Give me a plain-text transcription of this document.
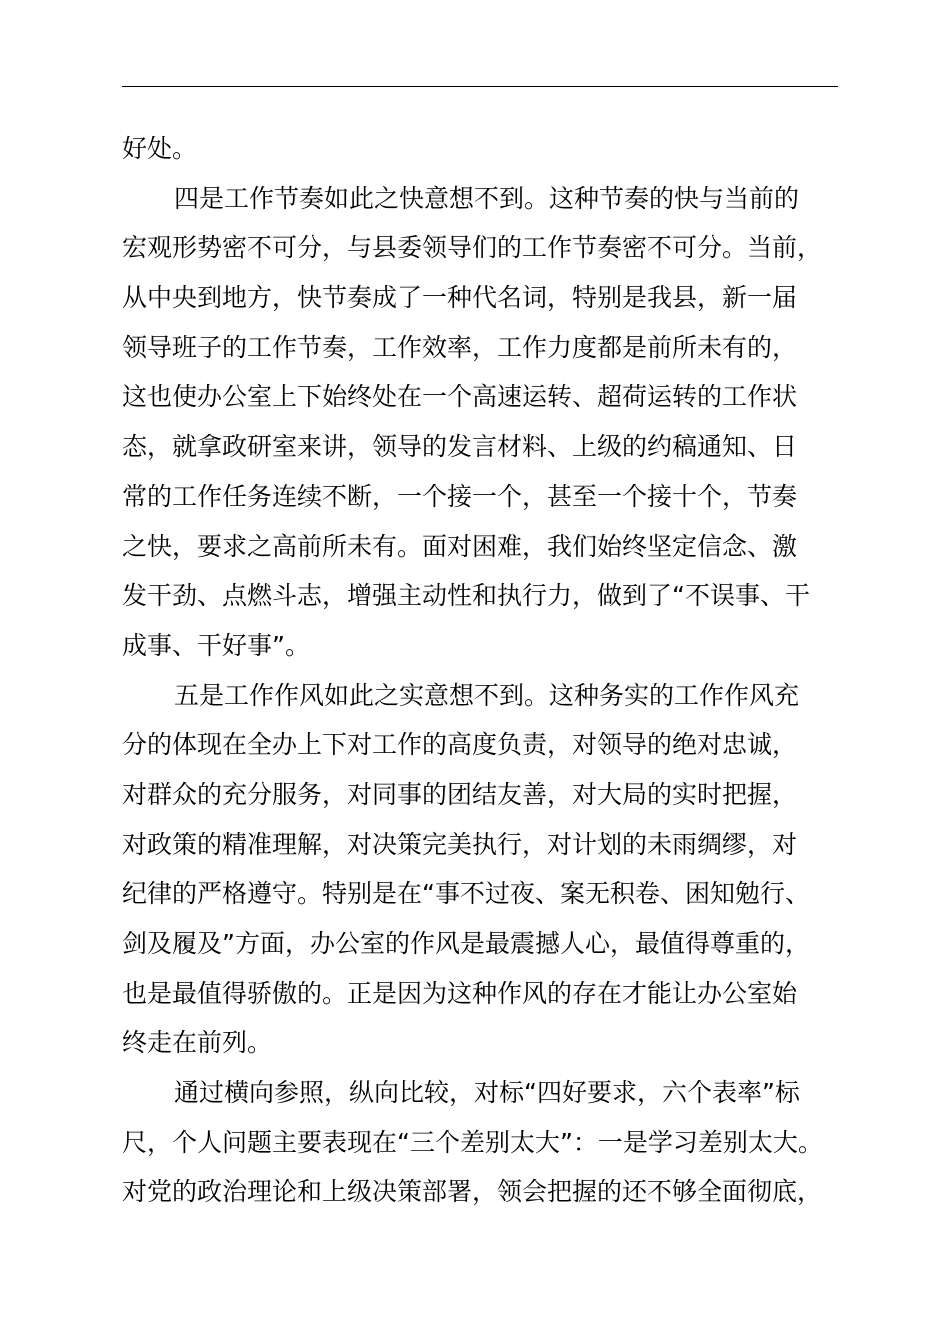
好处。
四是工作节奏如此之快意想不到。这种节奏的快与当前的
宏观形势密不可分，与县委领导们的工作节奏密不可分。当前，
从中央到地方，快节奏成了一种代名词，特别是我县，新一届
领导班子的工作节奏，工作效率，工作力度都是前所未有的，
这也使办公室上下始终处在一个高速运转、超荷运转的工作状
态，就拿政研室来讲，领导的发言材料、上级的约稿通知、日
常的工作任务连续不断，一个接一个，甚至一个接十个，节奏
之快，要求之高前所未有。面对困难，我们始终坚定信念、激
发干劲、点燃斗志，增强主动性和执行力，做到了“不误事、干
成事、干好事”。
五是工作作风如此之实意想不到。这种务实的工作作风充
分的体现在全办上下对工作的高度负责，对领导的绝对忠诚，
对群众的充分服务，对同事的团结友善，对大局的实时把握，
对政策的精准理解，对决策完美执行，对计划的未雨绸缪，对
纪律的严格遵守。特别是在“事不过夜、案无积卷、困知勉行、
剑及履及”方面，办公室的作风是最震撼人心，最值得尊重的，
也是最值得骄傲的。正是因为这种作风的存在才能让办公室始
终走在前列。
通过横向参照，纵向比较，对标“四好要求，六个表率”标
尺，个人问题主要表现在“三个差别太大”：一是学习差别太大。
对党的政治理论和上级决策部署，领会把握的还不够全面彻底，
